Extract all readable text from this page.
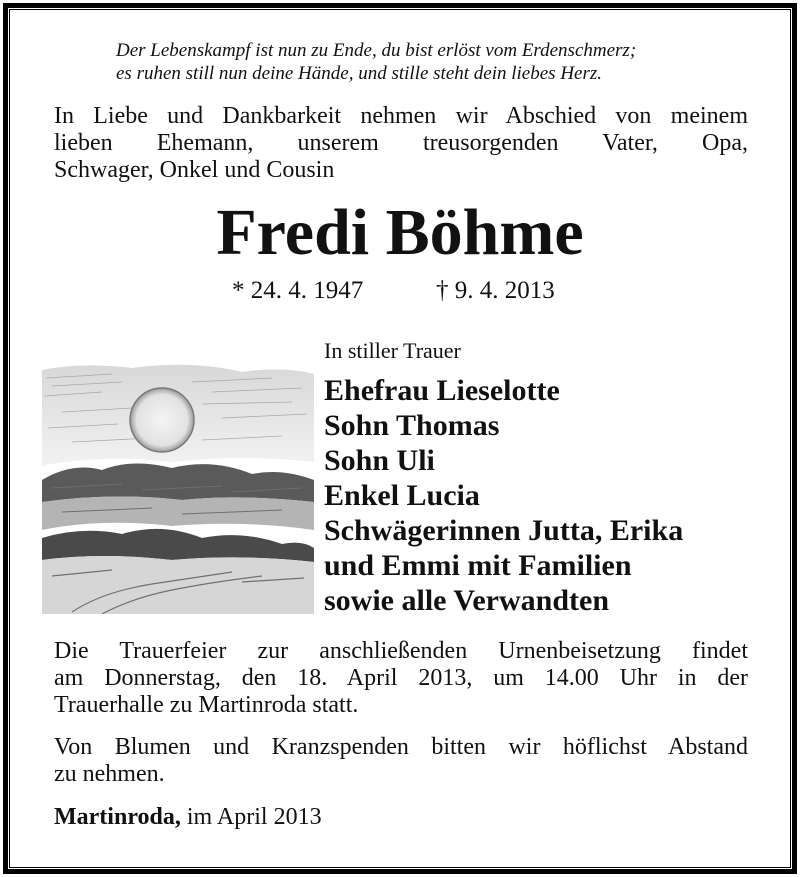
Der Lebenskampf ist nun zu Ende, du bist erlöst vom Erdenschmerz;
es ruhen still nun deine Hände, und stille steht dein liebes Herz.
In Liebe und Dankbarkeit nehmen wir Abschied von meinem
lieben Ehemann, unserem treusorgenden Vater, Opa,
Schwager, Onkel und Cousin
Fredi Böhme
* 24. 4. 1947	† 9. 4. 2013
In stiller Trauer
Ehefrau Lieselotte
Sohn Thomas
Sohn Uli
Enkel Lucia
Schwägerinnen Jutta, Erika
und Emmi mit Familien
sowie alle Verwandten
Die Trauerfeier zur anschließenden Urnenbeisetzung findet
am Donnerstag, den 18. April 2013, um 14.00 Uhr in der
Trauerhalle zu Martinroda statt.
Von Blumen und Kranzspenden bitten wir höflichst Abstand
zu nehmen.
Martinroda, im April 2013
